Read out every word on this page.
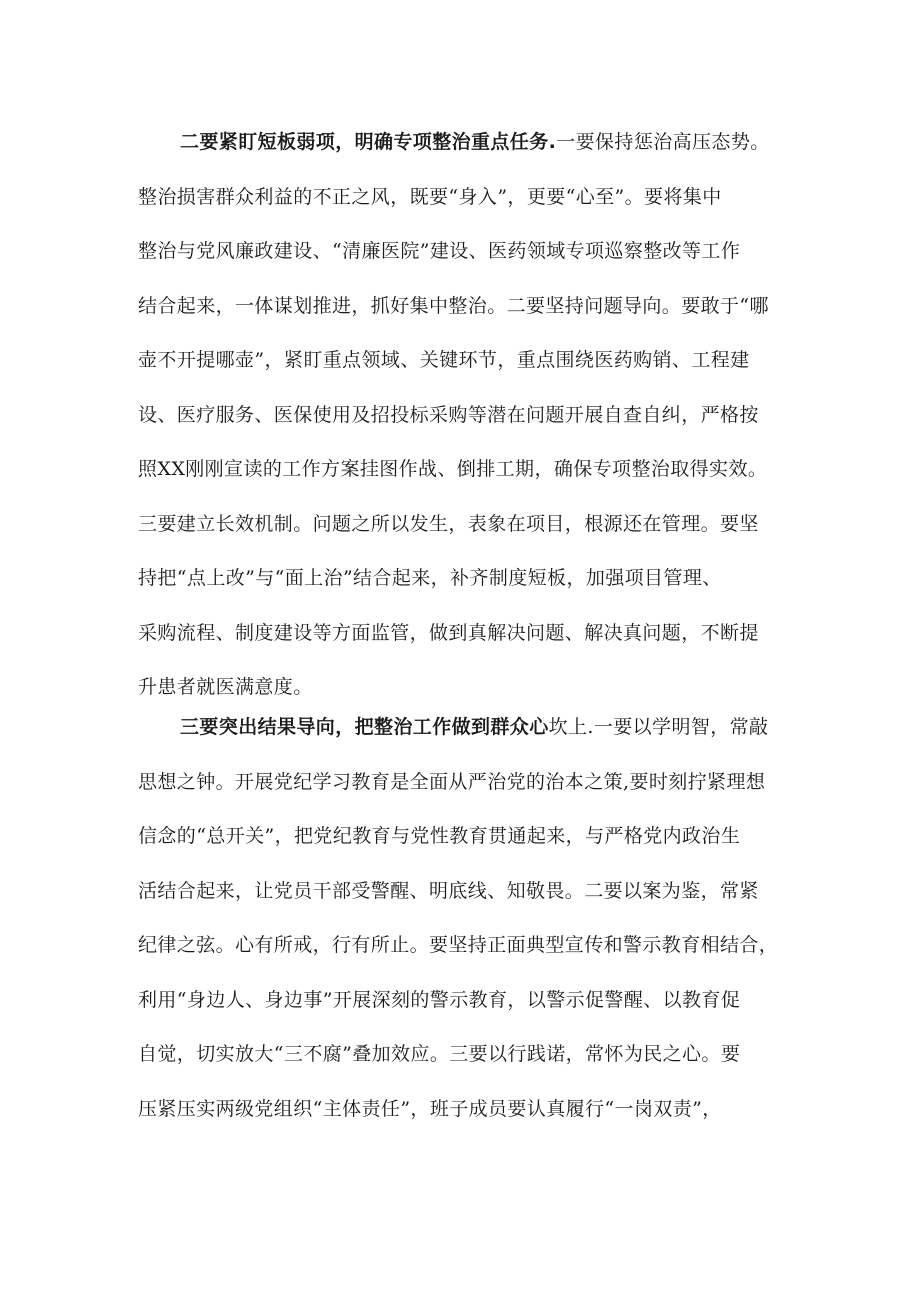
二要紧盯短板弱项，明确专项整治重点任务.一要保持惩治高压态势。
整治损害群众利益的不正之风，既要“身入”，更要“心至”。要将集中
整治与党风廉政建设、“清廉医院”建设、医药领域专项巡察整改等工作
结合起来，一体谋划推进，抓好集中整治。二要坚持问题导向。要敢于“哪
壶不开提哪壶”，紧盯重点领域、关键环节，重点围绕医药购销、工程建
设、医疗服务、医保使用及招投标采购等潜在问题开展自查自纠，严格按
照XX刚刚宣读的工作方案挂图作战、倒排工期，确保专项整治取得实效。
三要建立长效机制。问题之所以发生，表象在项目，根源还在管理。要坚
持把“点上改”与“面上治”结合起来，补齐制度短板，加强项目管理、
采购流程、制度建设等方面监管，做到真解决问题、解决真问题，不断提
升患者就医满意度。
三要突出结果导向，把整治工作做到群众心坎上.一要以学明智，常敲
思想之钟。开展党纪学习教育是全面从严治党的治本之策,要时刻拧紧理想
信念的“总开关”，把党纪教育与党性教育贯通起来，与严格党内政治生
活结合起来，让党员干部受警醒、明底线、知敬畏。二要以案为鉴，常紧
纪律之弦。心有所戒，行有所止。要坚持正面典型宣传和警示教育相结合，
利用“身边人、身边事”开展深刻的警示教育，以警示促警醒、以教育促
自觉，切实放大“三不腐”叠加效应。三要以行践诺，常怀为民之心。要
压紧压实两级党组织“主体责任”，班子成员要认真履行“一岗双责”，
